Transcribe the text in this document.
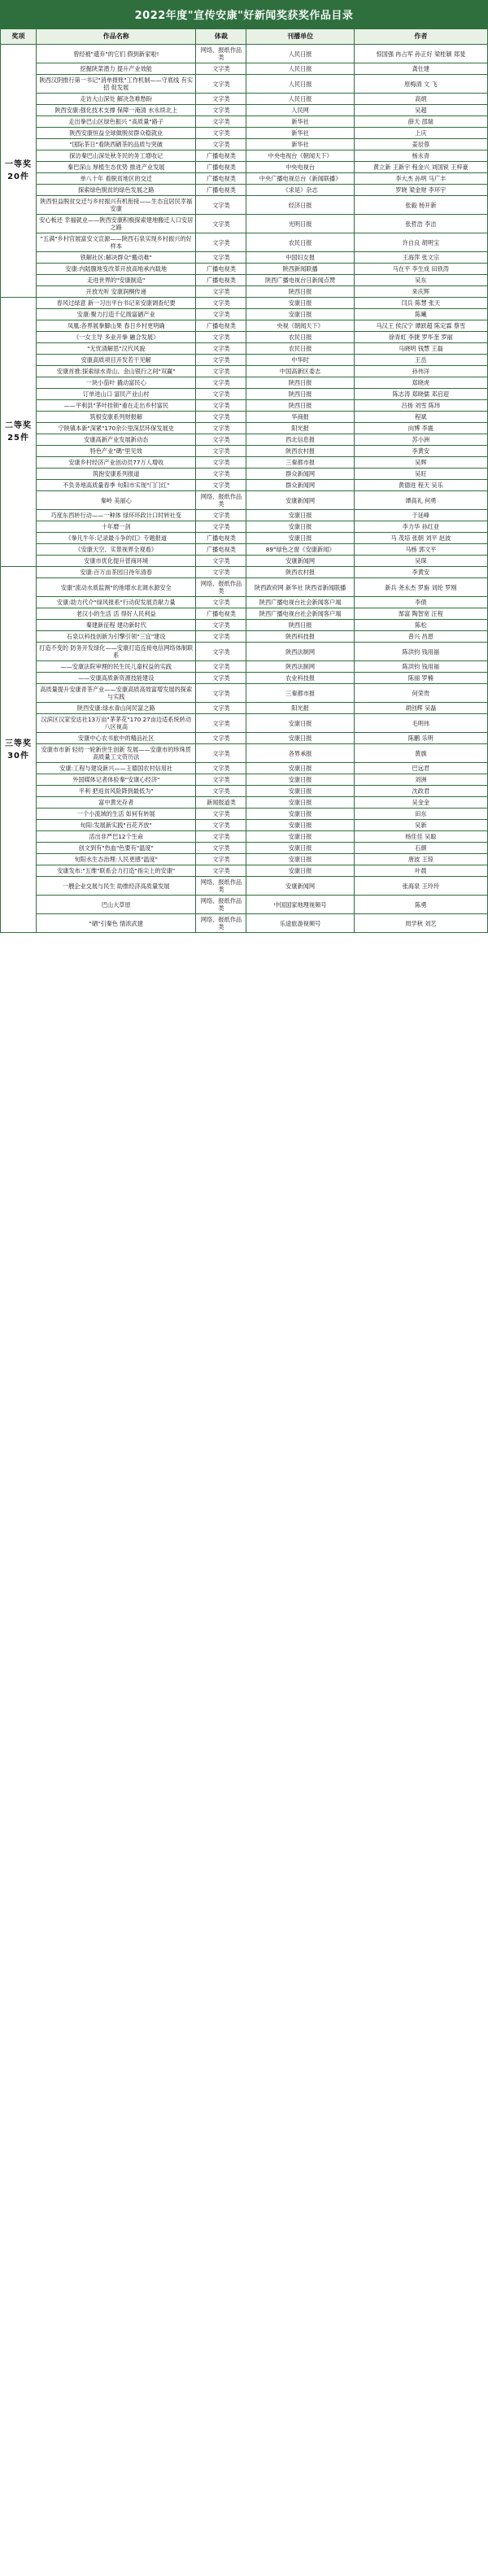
2022年度"宣传安康"好新闻奖获奖作品目录
奖项	作品名称	体裁	刊播单位	作者

一等奖20件	曾经被"遗弃"的它们 假到新家啦!	网络、报纸作品类	人民日报	惊国强 冉占军 孙正好 梁桂颖 郑斐
	挖掘陕菜潜力 提升产业效能	文字类	人民日报	龚仕建
	陕西汉阴推行第一书记"消单报账"工作机制——守底线 有实招 促发展	文字类	人民日报	原梅清 文 飞
	走访大山深处 解决急难愁盼	文字类	人民日报	高炳
	陕西安康:强化技术支撑 保障一淹清 水永续北上	文字类	人民网	吴超
	走出拳巴山区绿色振兴 "高质量"路子	文字类	新华社	薛天 邵瑞
	陕西安康恒益全球做脱贫群众稳就业	文字类	新华社	上庆
	"国际茶日"看陕西硒茶的品质与突破	文字类	新华社	姜辰蓉
	探访秦巴山深处秋冬民的务工增收记	广播电视类	中央电视台《朝闻天下》	杨永青
	秦巴深山 厚植生态优势 推进产业发展	广播电视类	中央电视台	黄立新 王新宇 程金兴 刘国锐 王梓豪
	单八十年 看脱贫地区的交迁	广播电视类	中央广播电视总台《新闻联播》	李大杰 孙明 马广丰
	探索绿色脱贫的绿色发展之路	广播电视类	《求是》杂志	罗晓 梁金财 李环宇
	陕西恒益脱贫交迁与乡村振兴有机衔接——生态宜居民幸福安康	文字类	经济日报	张毅 杨开新
	安心板还 幸福就业——陕西安康积极探索建地搬迁人口安居之路	文字类	光明日报	张哲浩 李洁
	"五满"乡村官展富安文宣源——陕西石泉实现乡村振兴的好样本	文字类	农民日报	许自良 胡明宝
	铁解社区:解决群众"搬动难"	文字类	中国妇女报	王海萍 张文宗
	安康:内陆腹地变改革开放高地承内载地	广播电视类	陕西新闻联播	马在平 李生成 田铁涛
	走进世界的"安康制造"	广播电视类	陕西广播电视台日新闻点赞	吴东
	开放光听 安康润桐传递	文字类	陕西日报	来庆辉

二等奖25件	春风过绿意 新一习出平台书记来安康调查纪要	文字类	安康日报	闫兵 陈慧 张天
	安康:聚力打造千亿级富硒产业	文字类	安康日报	陈曦
	凤凰:各界展拳脚山果 春日乡村更明确	广播电视类	央视《朝闻天下》	马汉王 侯汉宁 谭跃超 陈定霖 蔡雪
	《一女主导 多业开拳 融合发展》	文字类	农民日报	徐青虹 李捷 罗毕奎 罗丽
	"无忧清解思"汉代风貌	文字类	农民日报	马晓明 钱慧 王磊
	安康高质项目开发若干见解	文字类	中华时	王岳
	安康首推:探索绿水青山、金山银行之间"双赢"	文字类	中国高新区委志	孙伟洋
	一块小茄叶 撬动富民心	文字类	陕西日报	郑晓虎
	订单进山口 富民产业山村	文字类	陕西日报	陈志涛 郑晓儒 邓启迎
	——平利县"茅叶挂锁"重在走出乡村富民	文字类	陕西日报	吕扬 刘雪 陈玮
	筑根安康系列财报解	文字类	华商报	程斌
	宁陕镇本新"深紧"170余公里深层环保发展史	文字类	阳光报	向博 李震
	安康高新产业发展新动态	文字类	西北信息报	苏小洲
	特色产业"碼"里见效	文字类	陕西农村报	李黄安
	安康乡村经济产业创动员77万人增收	文字类	三秦都市报	吴辉
	筑抱安康系列报道	文字类	群众新闻网	吴旺
	不负务地高质量春季 旬阳市实现"门门红"	文字类	群众新闻网	黄德进 程天 吴乐
	秦岭 美丽心	网络、报纸作品类	安康新闻网	谭高礼 何勇
	巧度东西转行动——一种体 绿环环政计口时转社变	文字类	安康日报	于延峰
	十年磨一剑	文字类	安康日报	李力华 孙红亚
	《拳凡牛年:记录最斗争的红》专题报道	广播电视类	安康日报	马 茂培 张朝 刘平 赵波
	《安康天空、实景视界全观看》	广播电视类	89°绿色之窗《安康新闻》	马杨 郭文平
	安康市优化提升菅商环境	文字类	安康新闻网	吴琛

三等奖30件	安康:百万亩茶园日待年清春	文字类	陕西农村报	李黄安
	安康"流动水质监测"的地增水北调水源安全	网络、报纸作品类	陕西政府网 新华社 陕西省新闻联播	新兵 尧永杰 罗旃 刘纶 罗刚
	安康:助力代介"绿风报系"行动促发展贡献力量	文字类	陕西广播电视台社会新闻客户端	李债
	老汉小的生活 活 得好人民利益	广播电视类	陕西广播电视台社会新闻客户端	郜富 陶智宽 汪程
	秦建新征程 建功新时代	文字类	陕西日报	陈松
	石泉以科技创新为引擎引领"三宜"建设	文字类	陕西科技报	普兴 昌恩
	打造不变的 防务开发绿化——安康打造连接电信网络体制联系	文字类	陕西法制网	陈洪钧 钱用福
	——安康法院审理的民生民儿童权益的实践	文字类	陕西法制网	陈洪钧 钱用福
	——安康高质新资源技能建设	文字类	农业科技报	陈丽 罗楠
	高质量提升安康青茶产业——安康高质高效富增发展的探索与实践	文字类	三秦都市报	何荣贵
	陕西安康:绿水青山间民富之路	文字类	阳光报	胡创辉 吴磊
	汉滨区汉家安达社13万亩"茅茅花"170 27亩边适系统转动八区视高	文字类	安康日报	毛明伟
	安康中心农书旅中的精品社区	文字类	安康日报	陈鹏 乐明
	安康市市新 轻纺一轮新世生创新 发展——安康市的珍珠贯高质量工文资历法	文字类	各界承报	黄旗
	安康:工程与建设新兴——王德国农村信用社	文字类	安康日报	巴远君
	外国媒体记者体验秦"安康心经济"	文字类	安康日报	刘洲
	平利 把返贫风险降到最低为"	文字类	安康日报	沈政君
	富中黄光存者	新闻报道类	安康日报	吴金金
	一个小流域的生活 如何有转展	文字类	安康日报	田东
	旬阳:发展新实践"百花齐放"	文字类	安康日报	吴新
	活出非严巴12个生命	文字类	安康日报	杨佳佳 吴聪
	创文到有"热血"色要有"温度"	文字类	安康日报	石颜
	旬阳水生态治理:人民更感"温度"	文字类	安康日报	唐波 王琼
	安康发布:"五维"联系会力打造"指尖上的安康"	文字类	安康日报	叶晨
	一艘企业交展与民生 助推经济高质量发展	网络、报纸作品类	安康新闻网	张海泉 王玲玲
	巴山大草原	网络、报纸作品类	中国国家地理视频号	陈勇
	"硒"引秦色 情浓武建	网络、报纸作品类	乐途旅游视频号	周学秋 刘艺
